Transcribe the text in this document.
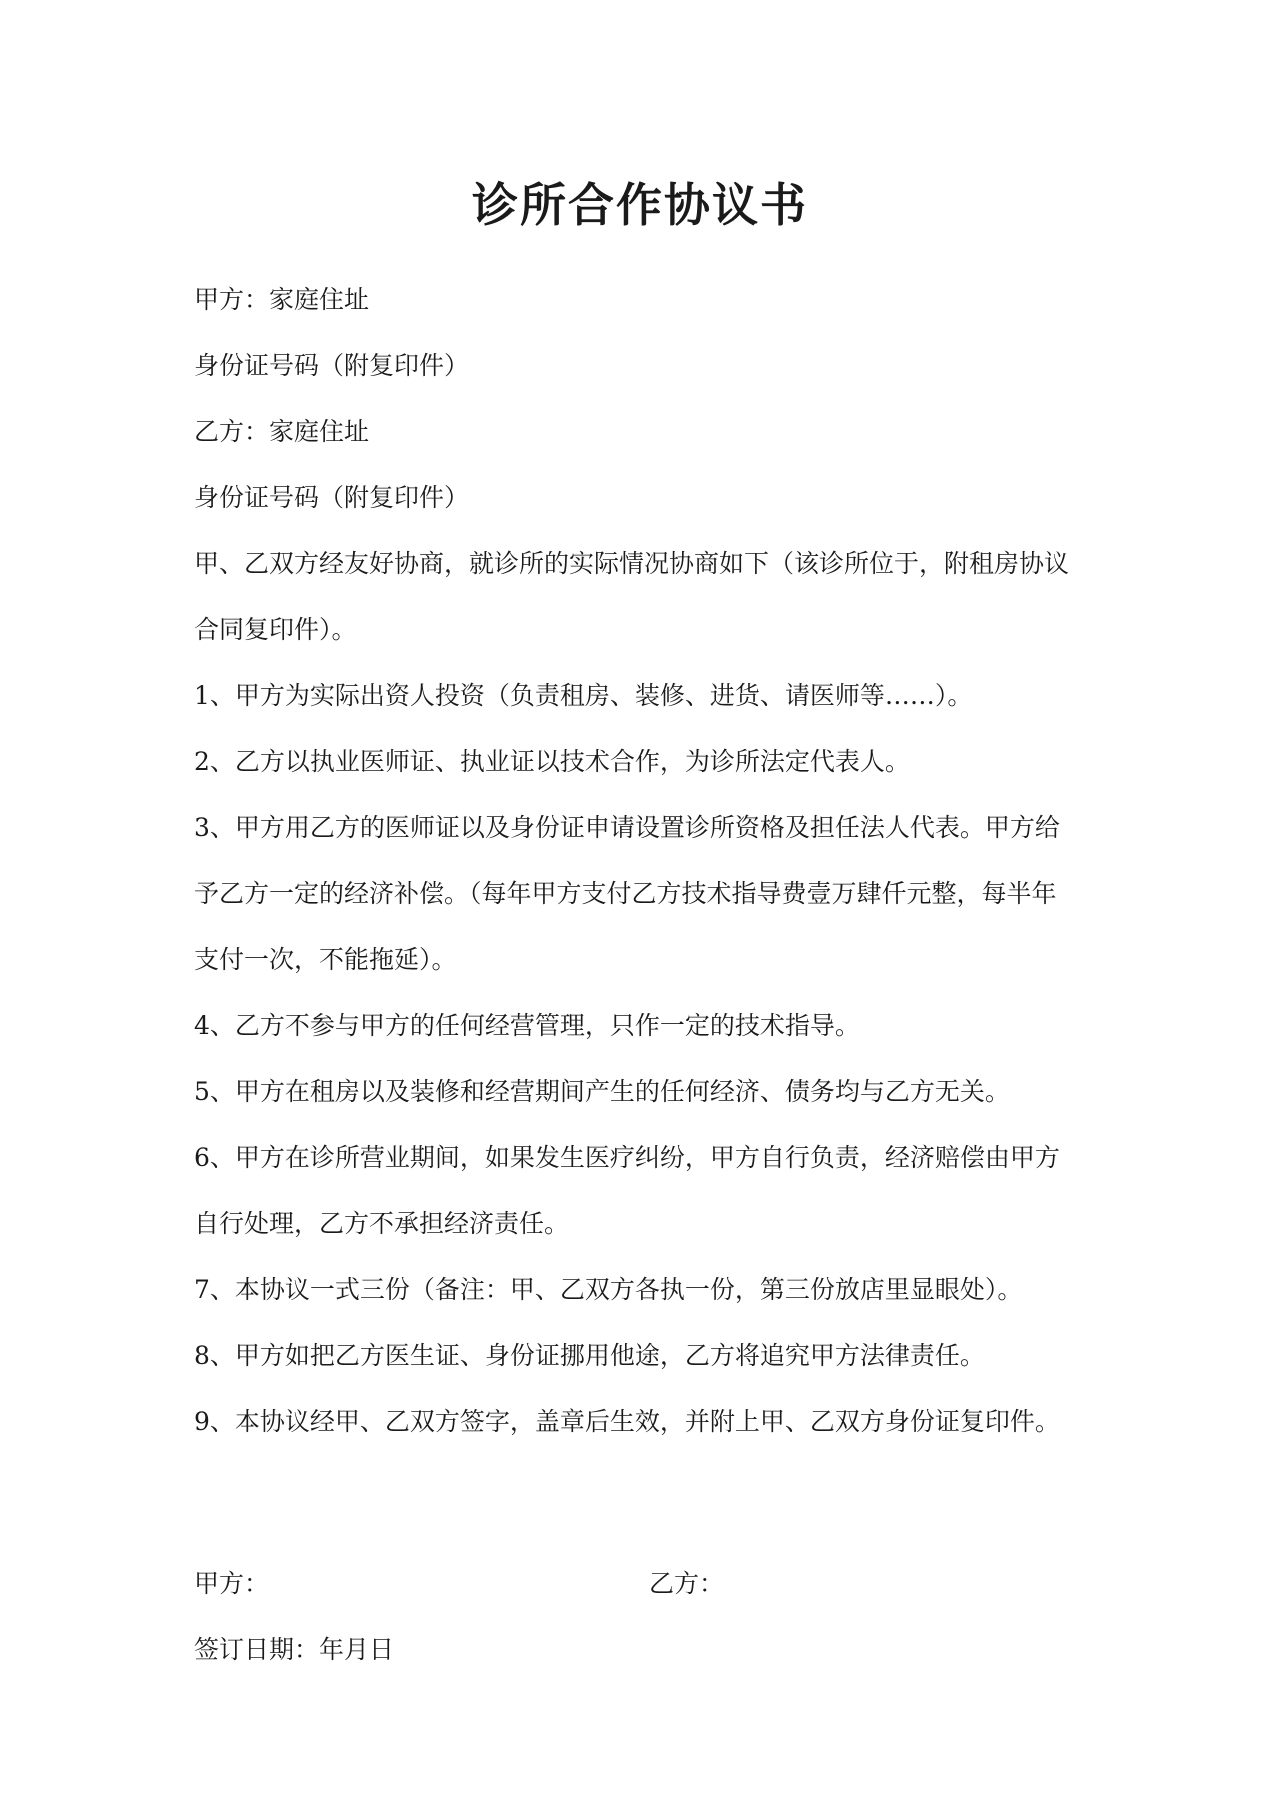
诊所合作协议书
甲方：家庭住址
身份证号码（附复印件）
乙方：家庭住址
身份证号码（附复印件）
甲、乙双方经友好协商，就诊所的实际情况协商如下（该诊所位于，附租房协议
合同复印件）。
1、甲方为实际出资人投资（负责租房、装修、进货、请医师等……）。
2、乙方以执业医师证、执业证以技术合作，为诊所法定代表人。
3、甲方用乙方的医师证以及身份证申请设置诊所资格及担任法人代表。甲方给
予乙方一定的经济补偿。（每年甲方支付乙方技术指导费壹万肆仟元整，每半年
支付一次，不能拖延）。
4、乙方不参与甲方的任何经营管理，只作一定的技术指导。
5、甲方在租房以及装修和经营期间产生的任何经济、债务均与乙方无关。
6、甲方在诊所营业期间，如果发生医疗纠纷，甲方自行负责，经济赔偿由甲方
自行处理，乙方不承担经济责任。
7、本协议一式三份（备注：甲、乙双方各执一份，第三份放店里显眼处）。
8、甲方如把乙方医生证、身份证挪用他途，乙方将追究甲方法律责任。
9、本协议经甲、乙双方签字，盖章后生效，并附上甲、乙双方身份证复印件。
甲方：	乙方：
签订日期：年月日
